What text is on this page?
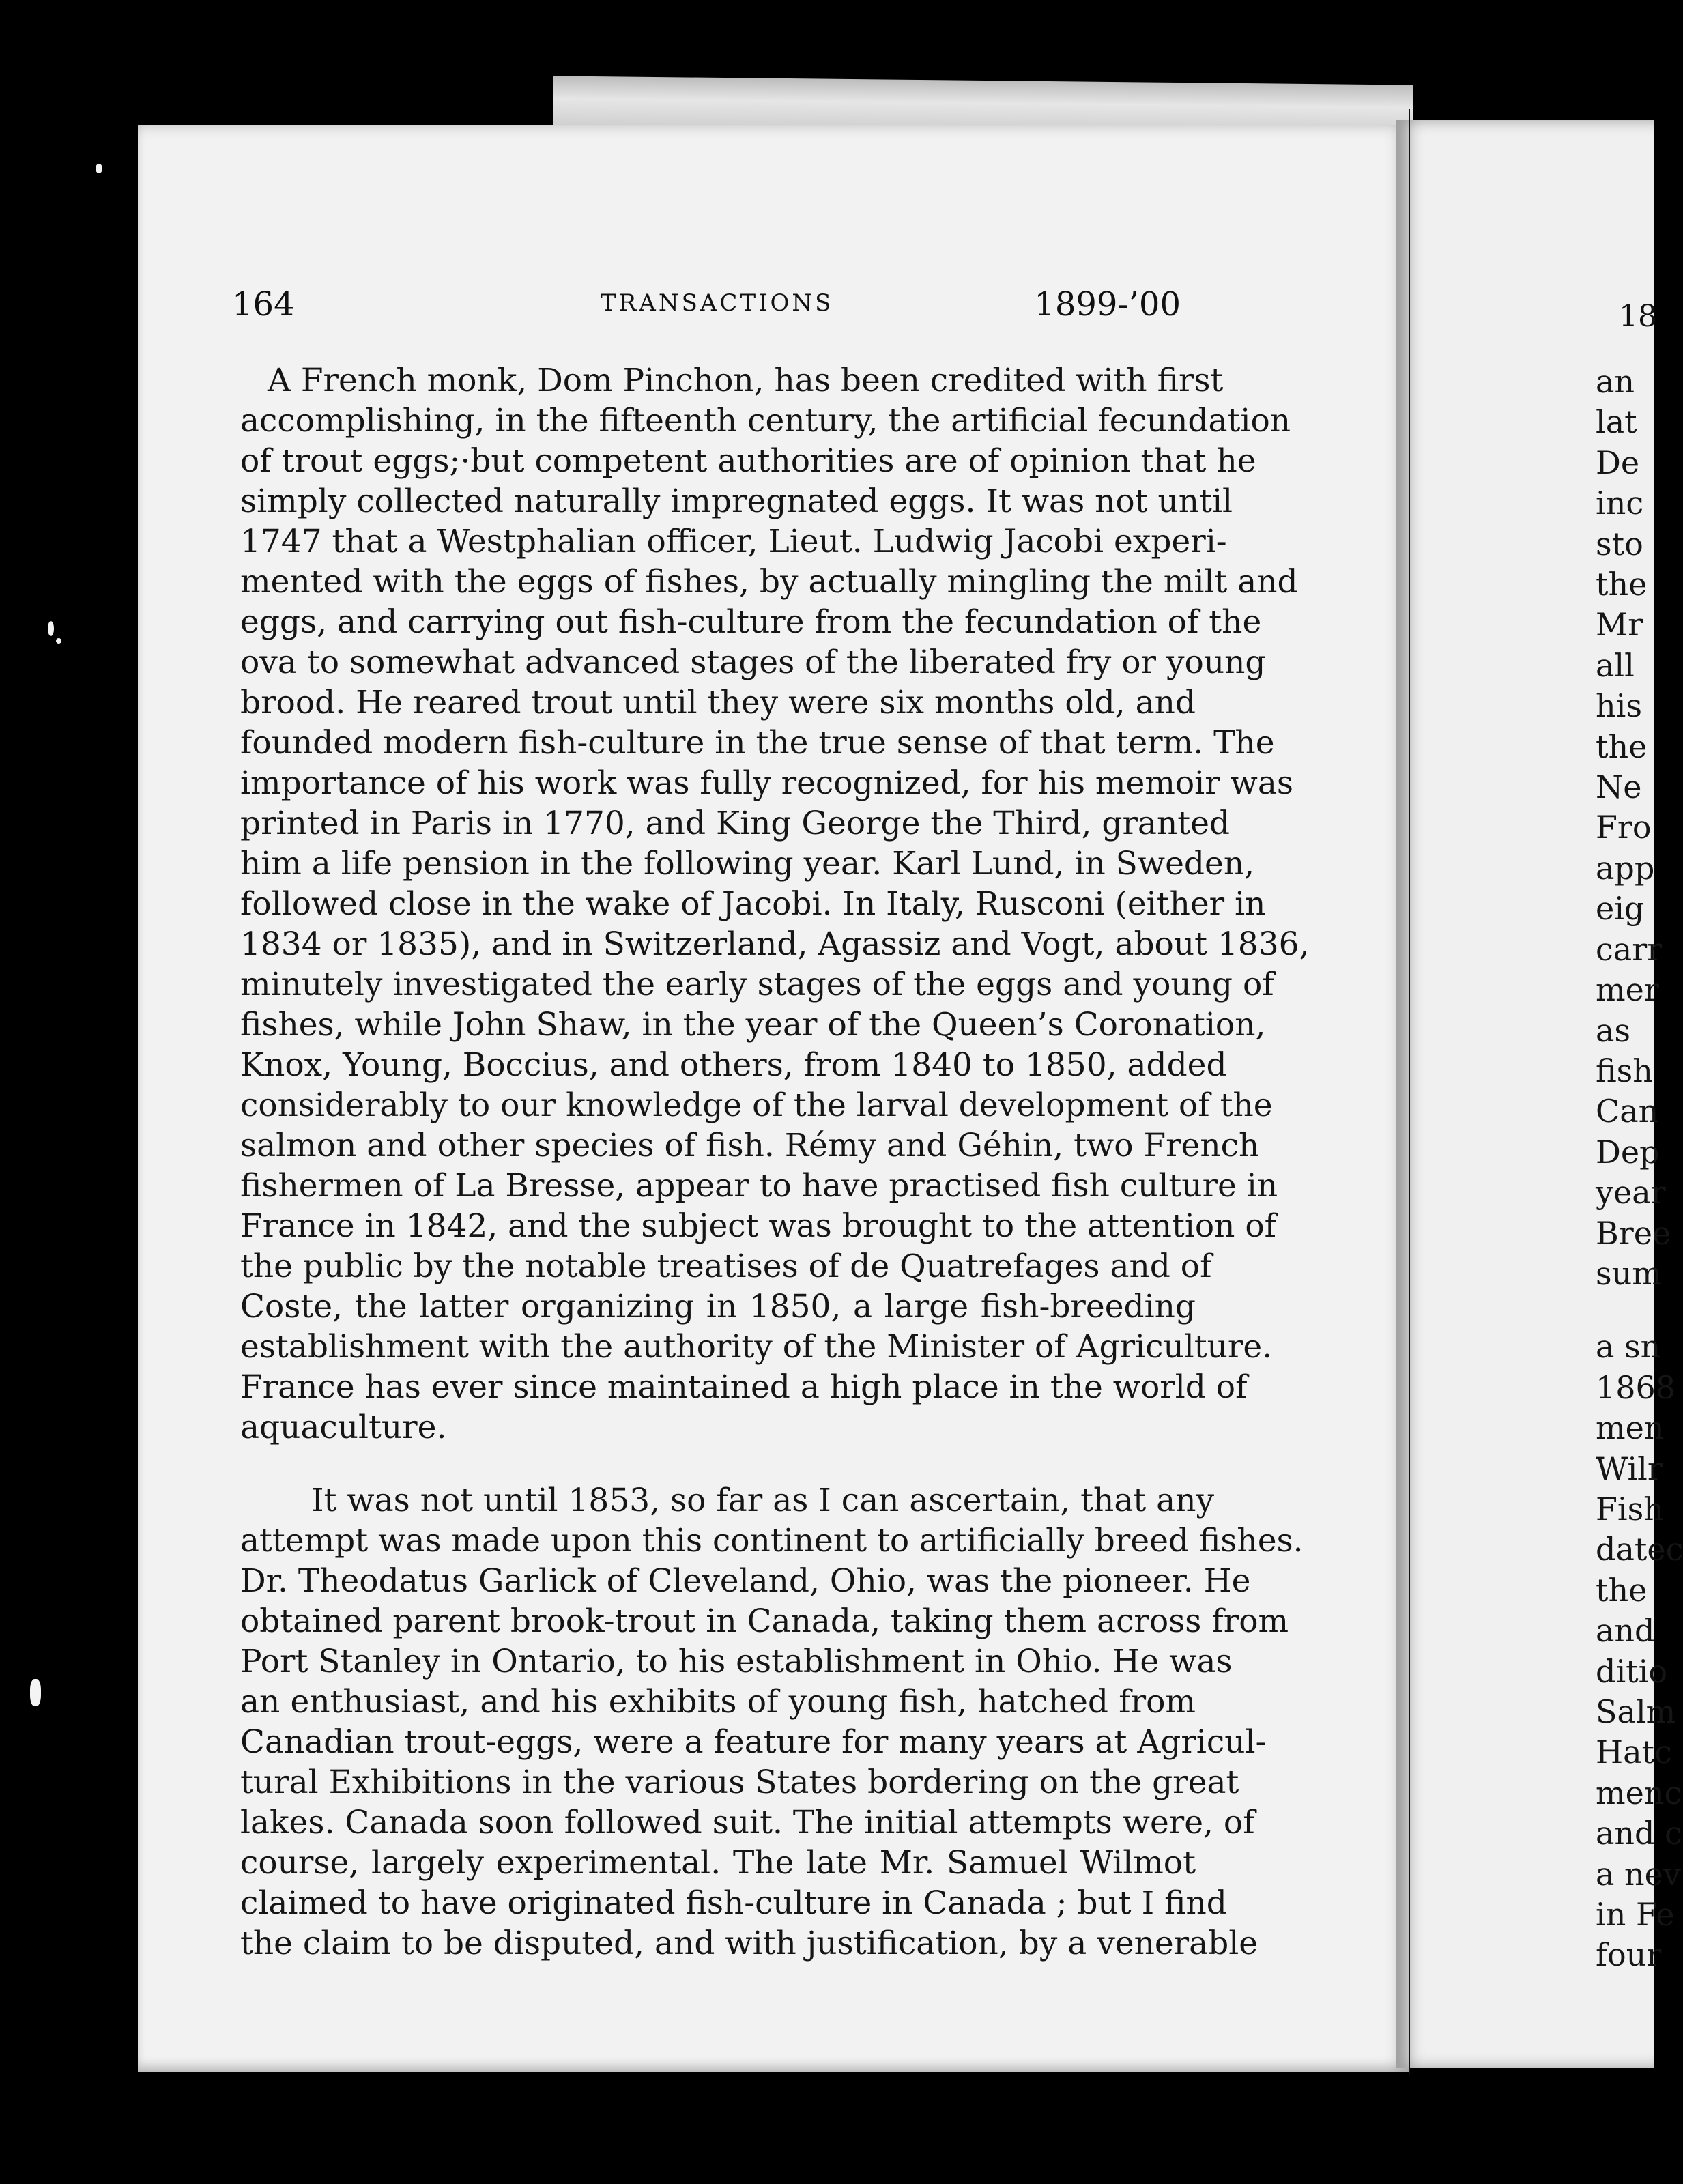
164	TRANSACTIONS	1899-’00
A French monk, Dom Pinchon, has been credited with first
accomplishing, in the fifteenth century, the artificial fecundation
of trout eggs;·but competent authorities are of opinion that he
simply collected naturally impregnated eggs. It was not until
1747 that a Westphalian officer, Lieut. Ludwig Jacobi experi-
mented with the eggs of fishes, by actually mingling the milt and
eggs, and carrying out fish-culture from the fecundation of the
ova to somewhat advanced stages of the liberated fry or young
brood. He reared trout until they were six months old, and
founded modern fish-culture in the true sense of that term. The
importance of his work was fully recognized, for his memoir was
printed in Paris in 1770, and King George the Third, granted
him a life pension in the following year. Karl Lund, in Sweden,
followed close in the wake of Jacobi. In Italy, Rusconi (either in
1834 or 1835), and in Switzerland, Agassiz and Vogt, about 1836,
minutely investigated the early stages of the eggs and young of
fishes, while John Shaw, in the year of the Queen’s Coronation,
Knox, Young, Boccius, and others, from 1840 to 1850, added
considerably to our knowledge of the larval development of the
salmon and other species of fish. Rémy and Géhin, two French
fishermen of La Bresse, appear to have practised fish culture in
France in 1842, and the subject was brought to the attention of
the public by the notable treatises of de Quatrefages and of
Coste, the latter organizing in 1850, a large fish-breeding
establishment with the authority of the Minister of Agriculture.
France has ever since maintained a high place in the world of
aquaculture.
It was not until 1853, so far as I can ascertain, that any
attempt was made upon this continent to artificially breed fishes.
Dr. Theodatus Garlick of Cleveland, Ohio, was the pioneer. He
obtained parent brook-trout in Canada, taking them across from
Port Stanley in Ontario, to his establishment in Ohio. He was
an enthusiast, and his exhibits of young fish, hatched from
Canadian trout-eggs, were a feature for many years at Agricul-
tural Exhibitions in the various States bordering on the great
lakes. Canada soon followed suit. The initial attempts were, of
course, largely experimental. The late Mr. Samuel Wilmot
claimed to have originated fish-culture in Canada ; but I find
the claim to be disputed, and with justification, by a venerable
18
an
lat
De
inc
sto
the
Mr
all
his
the
Ne
Fro
app
eig
carr
mer
as
fish
Can
Dep
year
Bree
sum
a sn
1868
men
Wilr
Fish
datec
the
and
ditio
Salm
Hatc
menc
and c
a nev
in Fe
four
